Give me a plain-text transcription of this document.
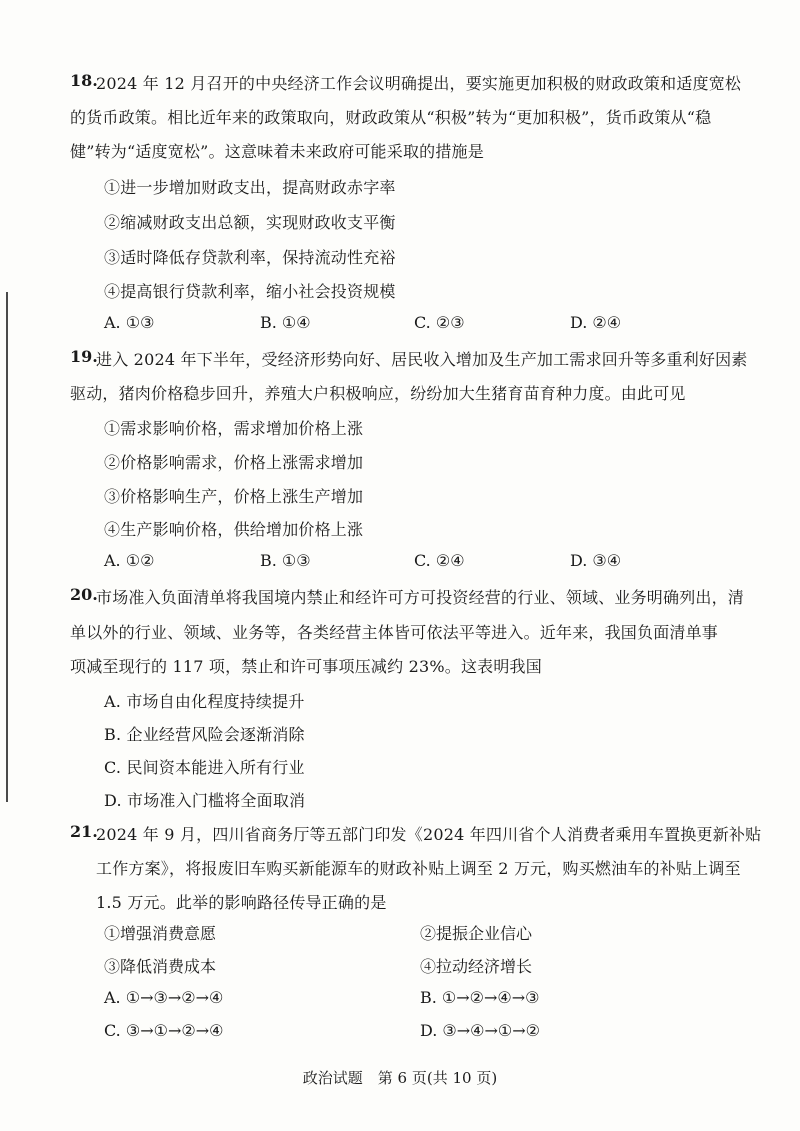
18.
2024 年 12 月召开的中央经济工作会议明确提出，要实施更加积极的财政政策和适度宽松
的货币政策。相比近年来的政策取向，财政政策从“积极”转为“更加积极”，货币政策从“稳
健”转为“适度宽松”。这意味着未来政府可能采取的措施是
①进一步增加财政支出，提高财政赤字率
②缩减财政支出总额，实现财政收支平衡
③适时降低存贷款利率，保持流动性充裕
④提高银行贷款利率，缩小社会投资规模
A. ①③	B. ①④	C. ②③	D. ②④
19.
进入 2024 年下半年，受经济形势向好、居民收入增加及生产加工需求回升等多重利好因素
驱动，猪肉价格稳步回升，养殖大户积极响应，纷纷加大生猪育苗育种力度。由此可见
①需求影响价格，需求增加价格上涨
②价格影响需求，价格上涨需求增加
③价格影响生产，价格上涨生产增加
④生产影响价格，供给增加价格上涨
A. ①②	B. ①③	C. ②④	D. ③④
20.
市场准入负面清单将我国境内禁止和经许可方可投资经营的行业、领域、业务明确列出，清
单以外的行业、领域、业务等，各类经营主体皆可依法平等进入。近年来，我国负面清单事
项减至现行的 117 项，禁止和许可事项压减约 23%。这表明我国
A. 市场自由化程度持续提升
B. 企业经营风险会逐渐消除
C. 民间资本能进入所有行业
D. 市场准入门槛将全面取消
21.
2024 年 9 月，四川省商务厅等五部门印发《2024 年四川省个人消费者乘用车置换更新补贴
工作方案》，将报废旧车购买新能源车的财政补贴上调至 2 万元，购买燃油车的补贴上调至
1.5 万元。此举的影响路径传导正确的是
①增强消费意愿	②提振企业信心
③降低消费成本	④拉动经济增长
A. ①→③→②→④	B. ①→②→④→③
C. ③→①→②→④	D. ③→④→①→②
政治试题　第 6 页(共 10 页)
